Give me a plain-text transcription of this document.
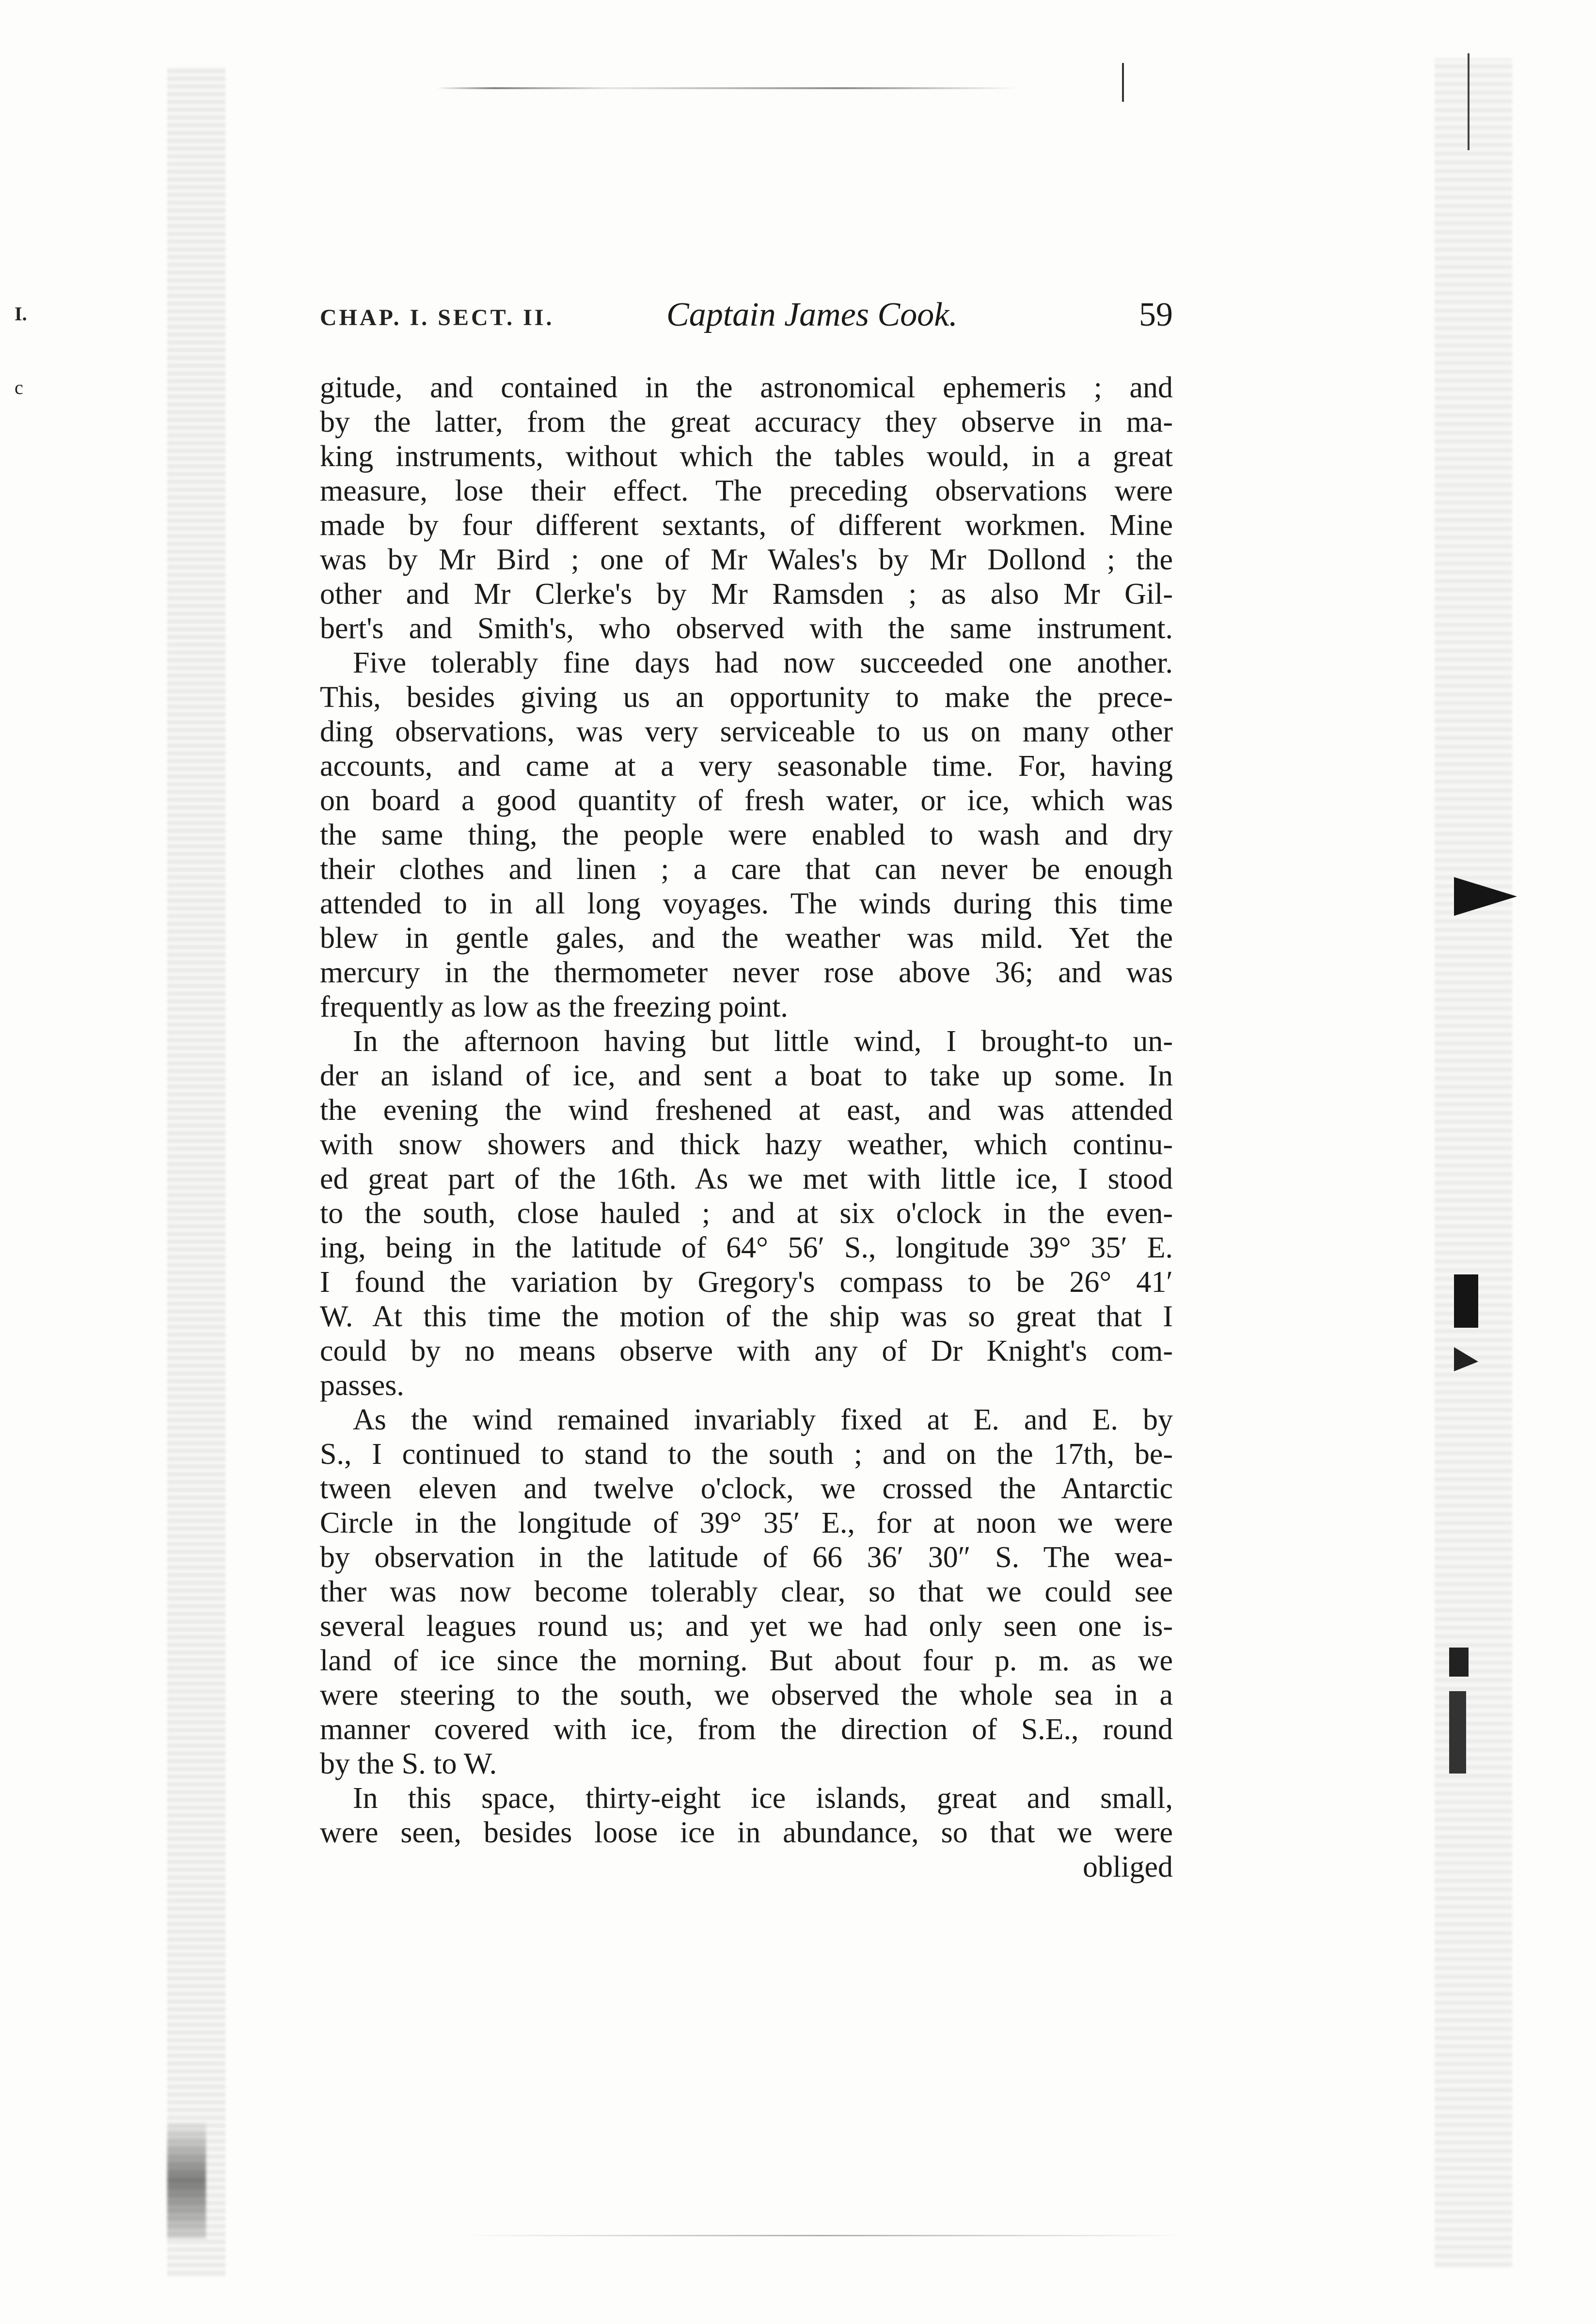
I.
c
CHAP. I. SECT. II.	Captain James Cook.	59
gitude, and contained in the astronomical ephemeris ; and
by the latter, from the great accuracy they observe in ma-
king instruments, without which the tables would, in a great
measure, lose their effect. The preceding observations were
made by four different sextants, of different workmen. Mine
was by Mr Bird ; one of Mr Wales's by Mr Dollond ; the
other and Mr Clerke's by Mr Ramsden ; as also Mr Gil-
bert's and Smith's, who observed with the same instrument.
Five tolerably fine days had now succeeded one another.
This, besides giving us an opportunity to make the prece-
ding observations, was very serviceable to us on many other
accounts, and came at a very seasonable time. For, having
on board a good quantity of fresh water, or ice, which was
the same thing, the people were enabled to wash and dry
their clothes and linen ; a care that can never be enough
attended to in all long voyages. The winds during this time
blew in gentle gales, and the weather was mild. Yet the
mercury in the thermometer never rose above 36; and was
frequently as low as the freezing point.
In the afternoon having but little wind, I brought-to un-
der an island of ice, and sent a boat to take up some. In
the evening the wind freshened at east, and was attended
with snow showers and thick hazy weather, which continu-
ed great part of the 16th. As we met with little ice, I stood
to the south, close hauled ; and at six o'clock in the even-
ing, being in the latitude of 64° 56′ S., longitude 39° 35′ E.
I found the variation by Gregory's compass to be 26° 41′
W. At this time the motion of the ship was so great that I
could by no means observe with any of Dr Knight's com-
passes.
As the wind remained invariably fixed at E. and E. by
S., I continued to stand to the south ; and on the 17th, be-
tween eleven and twelve o'clock, we crossed the Antarctic
Circle in the longitude of 39° 35′ E., for at noon we were
by observation in the latitude of 66 36′ 30″ S. The wea-
ther was now become tolerably clear, so that we could see
several leagues round us; and yet we had only seen one is-
land of ice since the morning. But about four p. m. as we
were steering to the south, we observed the whole sea in a
manner covered with ice, from the direction of S.E., round
by the S. to W.
In this space, thirty-eight ice islands, great and small,
were seen, besides loose ice in abundance, so that we were
obliged
